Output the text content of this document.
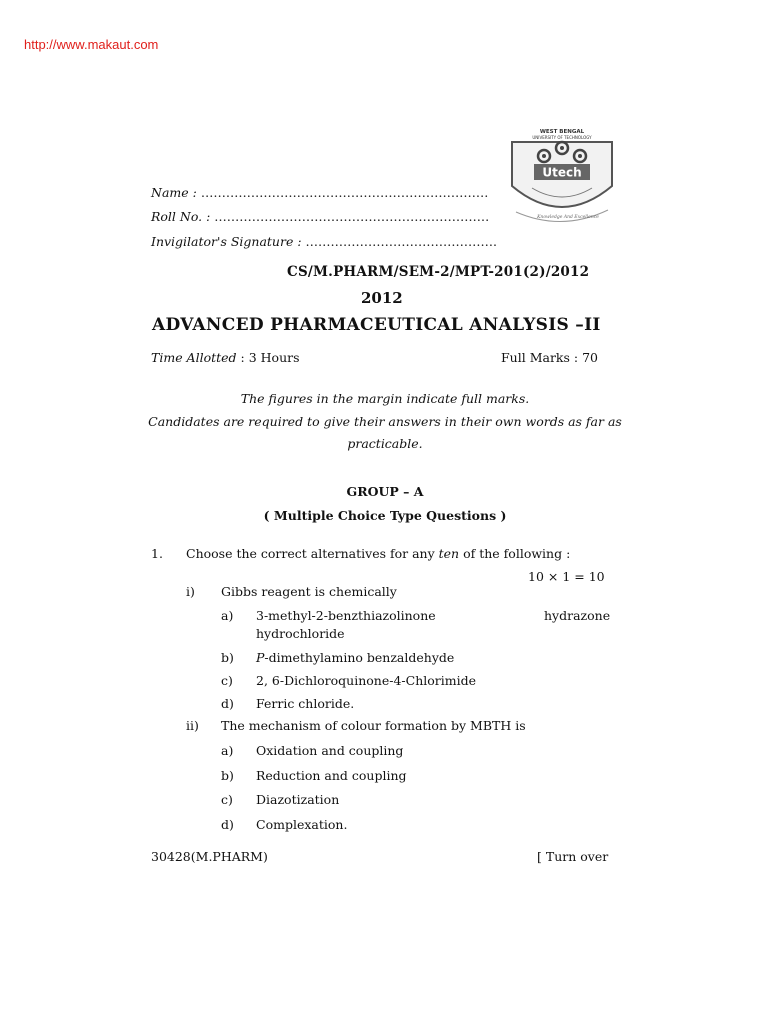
http://www.makaut.com
WEST BENGAL
UNIVERSITY OF TECHNOLOGY
Utech
Knowledge And Excellence
Name : ……………………………………………………………
Roll No. : …………………………………………………………
Invigilator's Signature : ……………………………………….
CS/M.PHARM/SEM-2/MPT-201(2)/2012
2012
ADVANCED PHARMACEUTICAL ANALYSIS –II
Time Allotted : 3 Hours	Full Marks : 70
The figures in the margin indicate full marks.
Candidates are required to give their answers in their own words as far as practicable.
GROUP – A
( Multiple Choice Type Questions )
1. Choose the correct alternatives for any ten of the following :
10 × 1 = 10
i) Gibbs reagent is chemically
a) 3-methyl-2-benzthiazolinone	hydrazone
hydrochloride
b) P-dimethylamino benzaldehyde
c) 2, 6-Dichloroquinone-4-Chlorimide
d) Ferric chloride.
ii) The mechanism of colour formation by MBTH is
a) Oxidation and coupling
b) Reduction and coupling
c) Diazotization
d) Complexation.
30428(M.PHARM)	[ Turn over
